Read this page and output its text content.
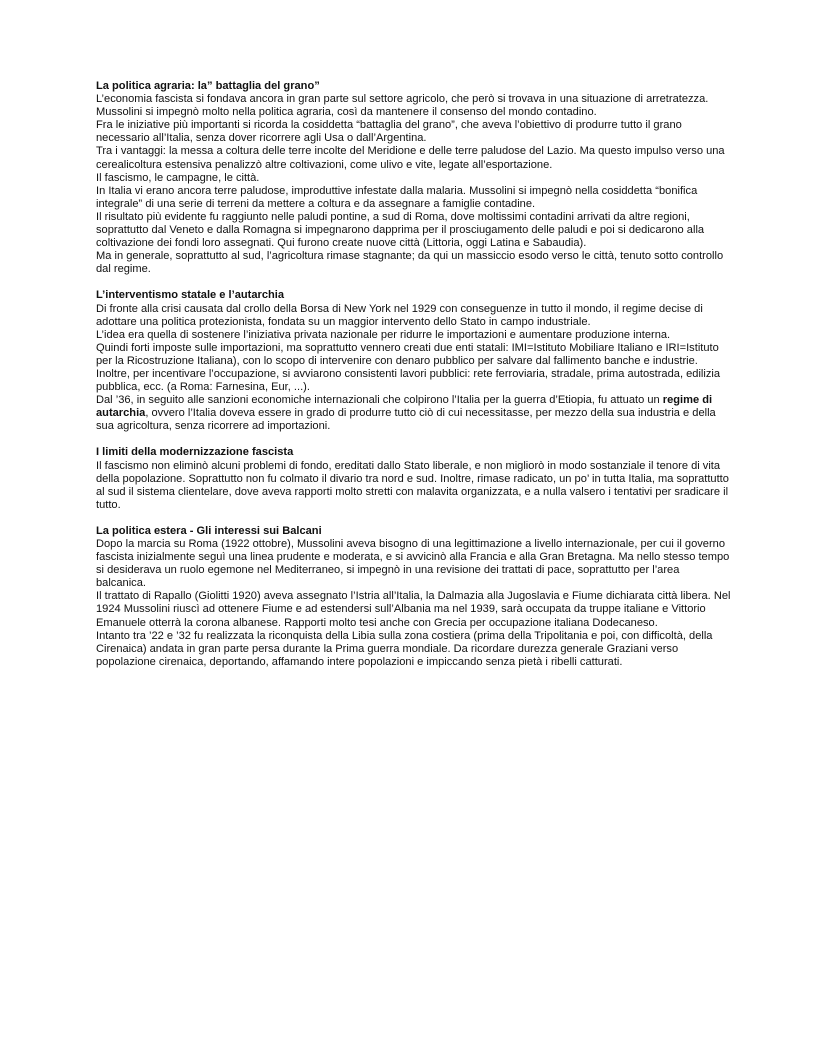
La politica agraria: la” battaglia del grano”
L’economia fascista si fondava ancora in gran parte sul settore agricolo, che però si trovava in una situazione di arretratezza.
Mussolini si impegnò molto nella politica agraria, così da mantenere il consenso del mondo contadino.
Fra le iniziative più importanti si ricorda la cosiddetta “battaglia del grano”, che aveva l’obiettivo di produrre tutto il grano necessario all’Italia, senza dover ricorrere agli Usa o dall’Argentina.
Tra i vantaggi: la messa a coltura delle terre incolte del Meridione e delle terre paludose del Lazio. Ma questo impulso verso una cerealicoltura estensiva penalizzò altre coltivazioni, come ulivo e vite, legate all’esportazione.
Il fascismo, le campagne, le città.
In Italia vi erano ancora terre paludose, improduttive infestate dalla malaria. Mussolini si impegnò nella cosiddetta “bonifica integrale” di una serie di terreni da mettere a coltura e da assegnare a famiglie contadine.
Il risultato più evidente fu raggiunto nelle paludi pontine, a sud di Roma, dove moltissimi contadini arrivati da altre regioni, soprattutto dal Veneto e dalla Romagna si impegnarono dapprima per il prosciugamento delle paludi e poi si dedicarono alla coltivazione dei fondi loro assegnati. Qui furono create nuove città (Littoria, oggi Latina e Sabaudia).
Ma in generale, soprattutto al sud, l’agricoltura rimase stagnante; da qui un massiccio esodo verso le città, tenuto sotto controllo dal regime.
L’interventismo statale e l’autarchia
Di fronte alla crisi causata dal crollo della Borsa di New York nel 1929 con conseguenze in tutto il mondo, il regime decise di adottare una politica protezionista, fondata su un maggior intervento dello Stato in campo industriale.
L’idea era quella di sostenere l’iniziativa privata nazionale per ridurre le importazioni e aumentare produzione interna.
Quindi forti imposte sulle importazioni, ma soprattutto vennero creati due enti statali: IMI=Istituto Mobiliare Italiano e IRI=Istituto per la Ricostruzione Italiana), con lo scopo di intervenire con denaro pubblico per salvare dal fallimento banche e industrie.
Inoltre, per incentivare l’occupazione, si avviarono consistenti lavori pubblici: rete ferroviaria, stradale, prima autostrada, edilizia pubblica, ecc. (a Roma: Farnesina, Eur, ...).
Dal ’36, in seguito alle sanzioni economiche internazionali che colpirono l’Italia per la guerra d’Etiopia, fu attuato un regime di autarchia, ovvero l’Italia doveva essere in grado di produrre tutto ciò di cui necessitasse, per mezzo della sua industria e della sua agricoltura, senza ricorrere ad importazioni.
I limiti della modernizzazione fascista
Il fascismo non eliminò alcuni problemi di fondo, ereditati dallo Stato liberale, e non migliorò in modo sostanziale il tenore di vita della popolazione. Soprattutto non fu colmato il divario tra nord e sud. Inoltre, rimase radicato, un po’ in tutta Italia, ma soprattutto al sud il sistema clientelare, dove aveva rapporti molto stretti con malavita organizzata, e a nulla valsero i tentativi per sradicare il tutto.
La politica estera - Gli interessi sui Balcani
Dopo la marcia su Roma (1922 ottobre), Mussolini aveva bisogno di una legittimazione a livello internazionale, per cui il governo fascista inizialmente seguì una linea prudente e moderata, e si avvicinò alla Francia e alla Gran Bretagna. Ma nello stesso tempo si desiderava un ruolo egemone nel Mediterraneo, si impegnò in una revisione dei trattati di pace, soprattutto per l’area balcanica.
Il trattato di Rapallo (Giolitti 1920) aveva assegnato l’Istria all’Italia, la Dalmazia alla Jugoslavia e Fiume dichiarata città libera. Nel 1924 Mussolini riuscì ad ottenere Fiume e ad estendersi sull’Albania ma nel 1939, sarà occupata da truppe italiane e Vittorio Emanuele otterrà la corona albanese. Rapporti molto tesi anche con Grecia per occupazione italiana Dodecaneso.
Intanto tra ’22 e ’32 fu realizzata la riconquista della Libia sulla zona costiera (prima della Tripolitania e poi, con difficoltà, della Cirenaica) andata in gran parte persa durante la Prima guerra mondiale. Da ricordare durezza generale Graziani verso popolazione cirenaica, deportando, affamando intere popolazioni e impiccando senza pietà i ribelli catturati.
